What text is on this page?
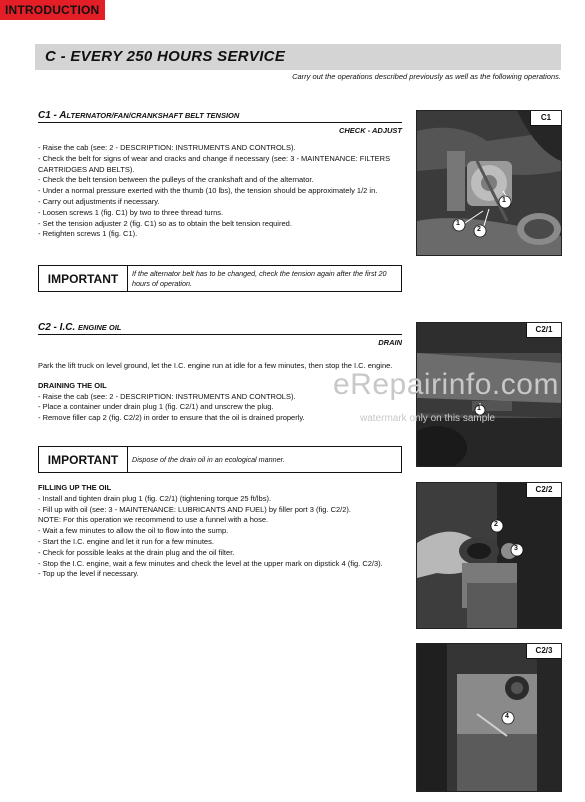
INTRODUCTION
C - EVERY 250 HOURS SERVICE
Carry out the operations described previously as well as the following operations.
C1 - ALTERNATOR/FAN/CRANKSHAFT BELT TENSION
CHECK - ADJUST

- Raise the cab (see: 2 - DESCRIPTION: INSTRUMENTS AND CONTROLS).

- Check the belt for signs of wear and cracks and change if necessary (see: 3 - MAINTENANCE: FILTERS CARTRIDGES AND BELTS).

- Check the belt tension between the pulleys of the crankshaft and of the alternator.

- Under a normal pressure exerted with the thumb (10 lbs), the tension should be approximately 1/2 in.

- Carry out adjustments if necessary.

- Loosen screws 1 (fig. C1) by two to three thread turns.

- Set the tension adjuster 2 (fig. C1) so as to obtain the belt tension required.

- Retighten screws 1 (fig. C1).

IMPORTANT	If the alternator belt has to be changed, check the tension again after the first 20 hours of operation.
C1
1
1
2
C2 - I.C. ENGINE OIL
DRAIN

Park the lift truck on level ground, let the I.C. engine run at idle for a few minutes, then stop the I.C. engine.

DRAINING THE OIL

- Raise the cab (see: 2 - DESCRIPTION: INSTRUMENTS AND CONTROLS).

- Place a container under drain plug 1 (fig. C2/1) and unscrew the plug.

- Remove filler cap 2 (fig. C2/2) in order to ensure that the oil is drained properly.

IMPORTANT	Dispose of the drain oil in an ecological manner.

FILLING UP THE OIL

- Install and tighten drain plug 1 (fig. C2/1) (tightening torque 25 ft/lbs).

- Fill up with oil (see: 3 - MAINTENANCE: LUBRICANTS AND FUEL) by filler port 3 (fig. C2/2).

NOTE: For this operation we recommend to use a funnel with a hose.

- Wait a few minutes to allow the oil to flow into the sump.

- Start the I.C. engine and let it run for a few minutes.

- Check for possible leaks at the drain plug and the oil filter.

- Stop the I.C. engine, wait a few minutes and check the level at the upper mark on dipstick 4 (fig. C2/3).

- Top up the level if necessary.

C2/1
1
C2/2
2
3
C2/3
4
eRepairinfo.com
watermark only on this sample
